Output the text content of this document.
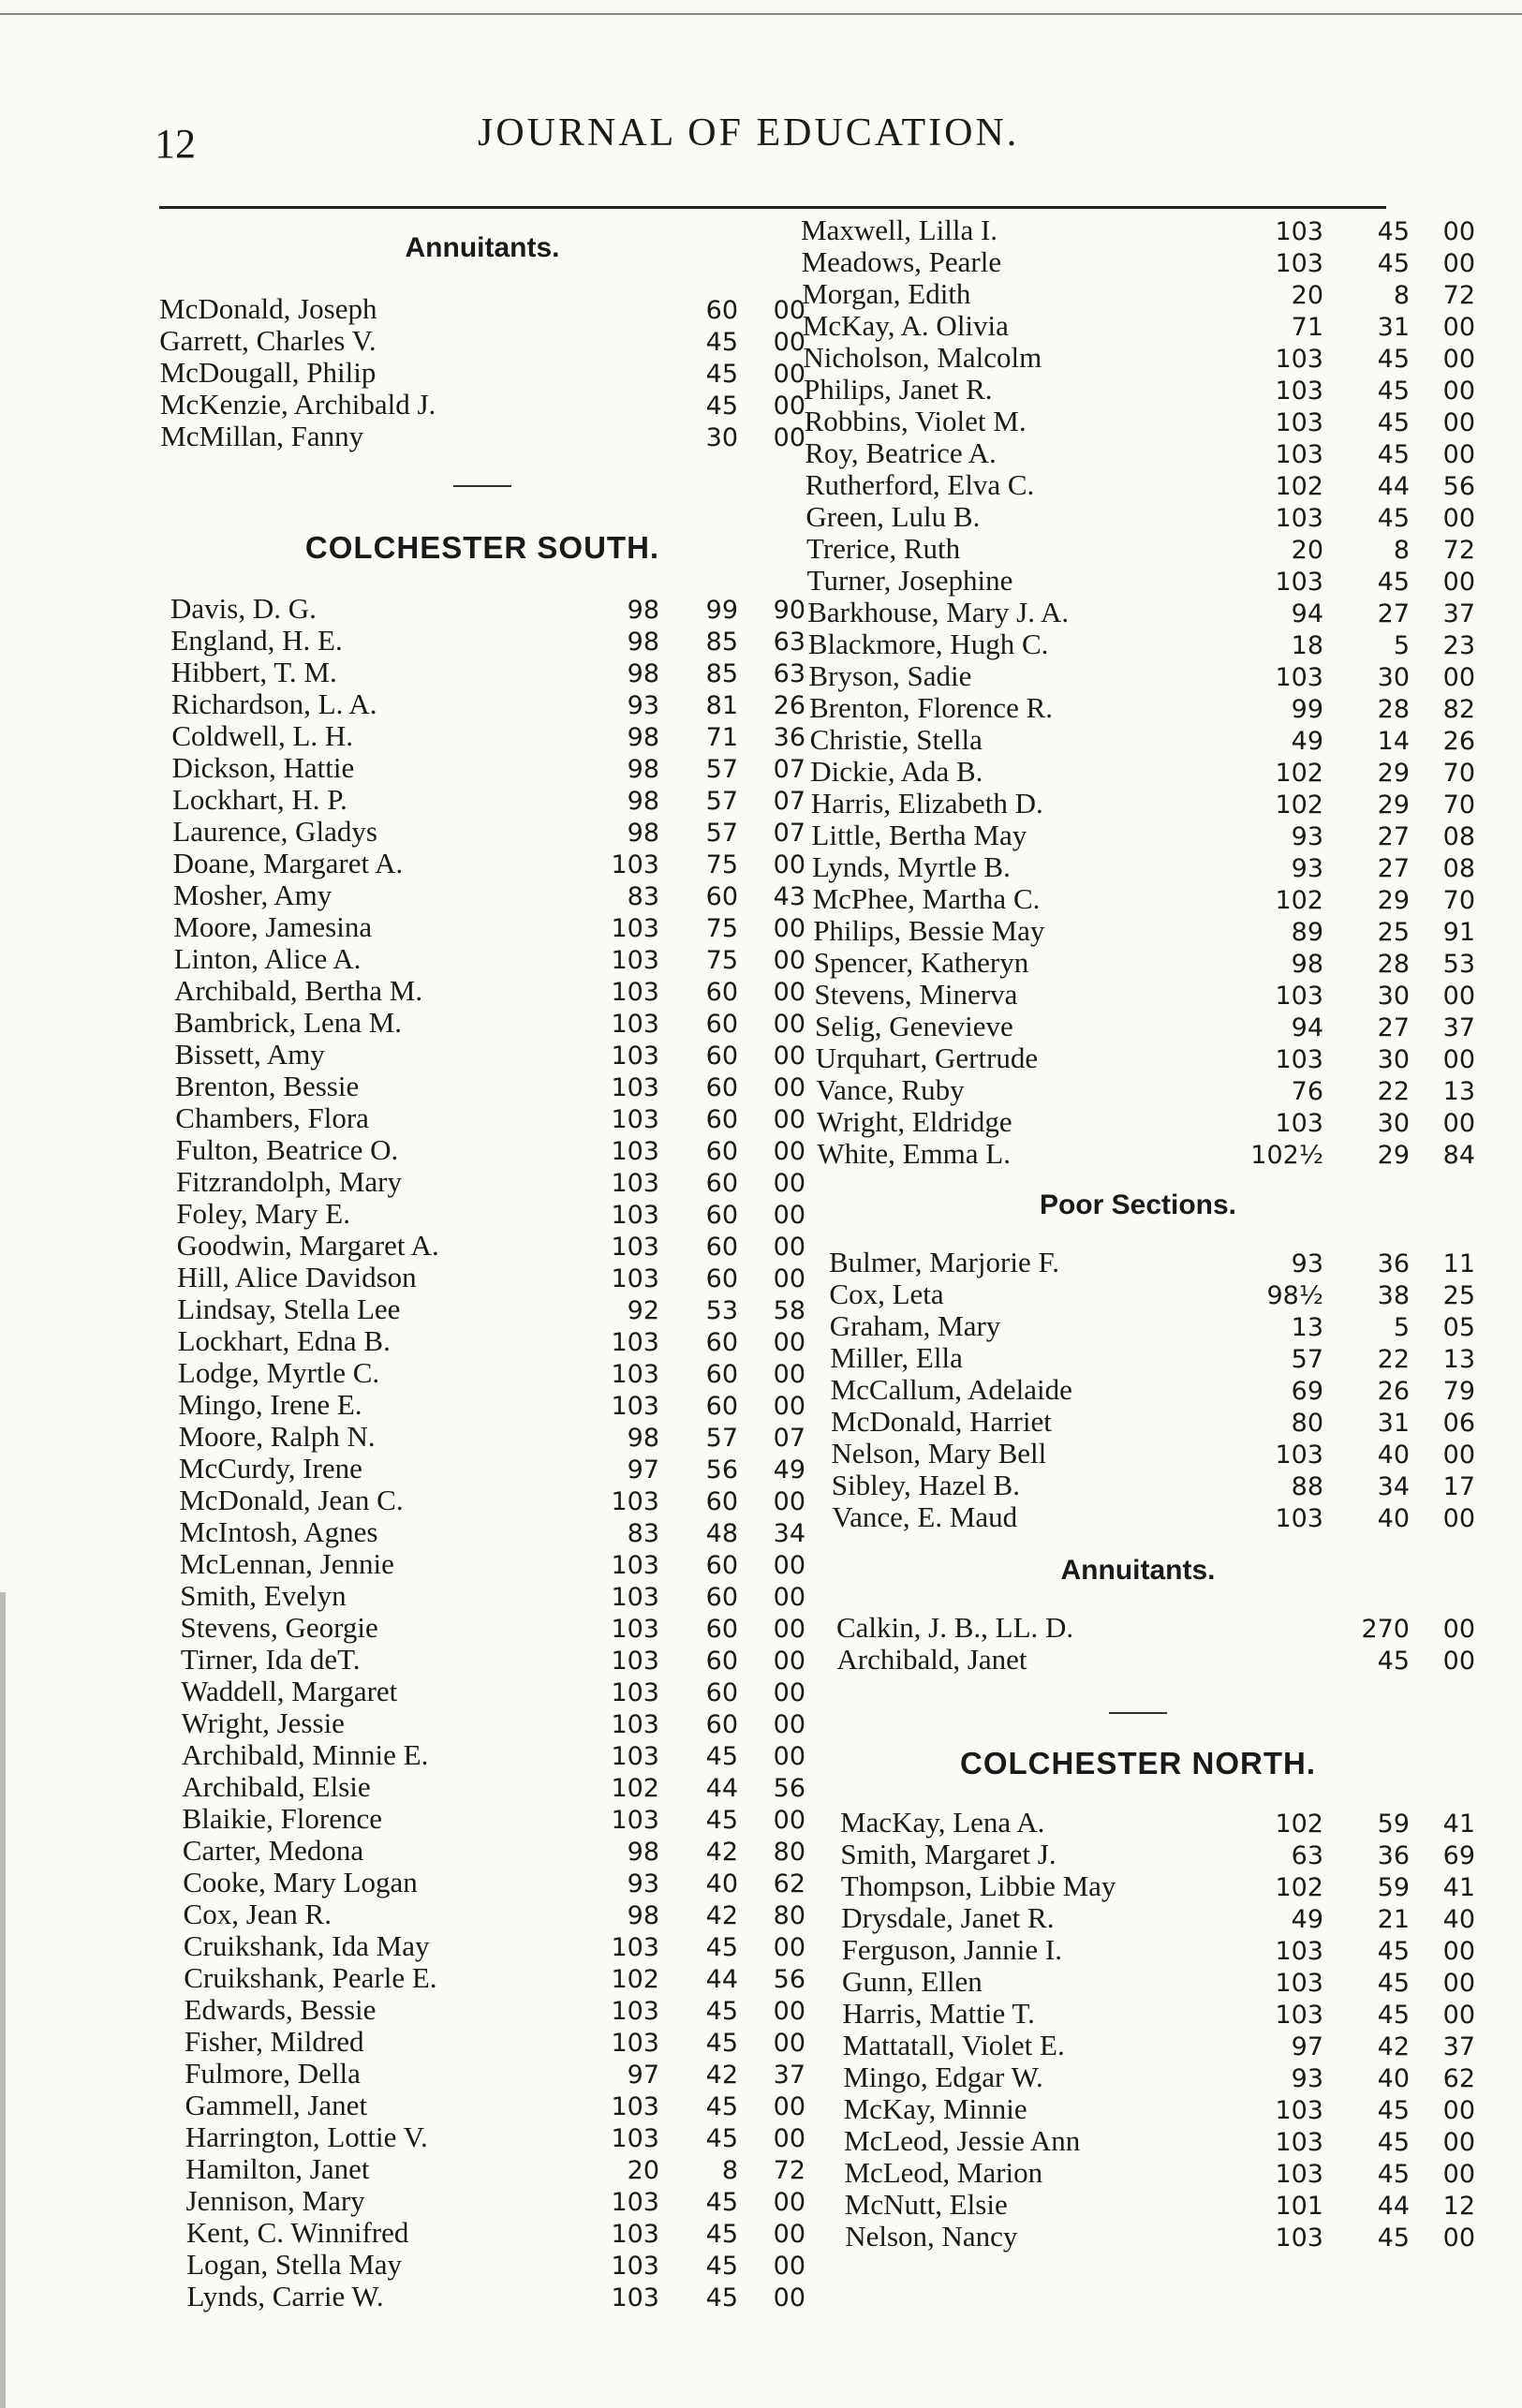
12	JOURNAL OF EDUCATION.
Annuitants.
McDonald, Joseph	60	00
Garrett, Charles V.	45	00
McDougall, Philip	45	00
McKenzie, Archibald J.	45	00
McMillan, Fanny	30	00
COLCHESTER SOUTH.
Davis, D. G.	98	99	90
England, H. E.	98	85	63
Hibbert, T. M.	98	85	63
Richardson, L. A.	93	81	26
Coldwell, L. H.	98	71	36
Dickson, Hattie	98	57	07
Lockhart, H. P.	98	57	07
Laurence, Gladys	98	57	07
Doane, Margaret A.	103	75	00
Mosher, Amy	83	60	43
Moore, Jamesina	103	75	00
Linton, Alice A.	103	75	00
Archibald, Bertha M.	103	60	00
Bambrick, Lena M.	103	60	00
Bissett, Amy	103	60	00
Brenton, Bessie	103	60	00
Chambers, Flora	103	60	00
Fulton, Beatrice O.	103	60	00
Fitzrandolph, Mary	103	60	00
Foley, Mary E.	103	60	00
Goodwin, Margaret A.	103	60	00
Hill, Alice Davidson	103	60	00
Lindsay, Stella Lee	92	53	58
Lockhart, Edna B.	103	60	00
Lodge, Myrtle C.	103	60	00
Mingo, Irene E.	103	60	00
Moore, Ralph N.	98	57	07
McCurdy, Irene	97	56	49
McDonald, Jean C.	103	60	00
McIntosh, Agnes	83	48	34
McLennan, Jennie	103	60	00
Smith, Evelyn	103	60	00
Stevens, Georgie	103	60	00
Tirner, Ida deT.	103	60	00
Waddell, Margaret	103	60	00
Wright, Jessie	103	60	00
Archibald, Minnie E.	103	45	00
Archibald, Elsie	102	44	56
Blaikie, Florence	103	45	00
Carter, Medona	98	42	80
Cooke, Mary Logan	93	40	62
Cox, Jean R.	98	42	80
Cruikshank, Ida May	103	45	00
Cruikshank, Pearle E.	102	44	56
Edwards, Bessie	103	45	00
Fisher, Mildred	103	45	00
Fulmore, Della	97	42	37
Gammell, Janet	103	45	00
Harrington, Lottie V.	103	45	00
Hamilton, Janet	20	8	72
Jennison, Mary	103	45	00
Kent, C. Winnifred	103	45	00
Logan, Stella May	103	45	00
Lynds, Carrie W.	103	45	00
Maxwell, Lilla I.	103	45	00
Meadows, Pearle	103	45	00
Morgan, Edith	20	8	72
McKay, A. Olivia	71	31	00
Nicholson, Malcolm	103	45	00
Philips, Janet R.	103	45	00
Robbins, Violet M.	103	45	00
Roy, Beatrice A.	103	45	00
Rutherford, Elva C.	102	44	56
Green, Lulu B.	103	45	00
Trerice, Ruth	20	8	72
Turner, Josephine	103	45	00
Barkhouse, Mary J. A.	94	27	37
Blackmore, Hugh C.	18	5	23
Bryson, Sadie	103	30	00
Brenton, Florence R.	99	28	82
Christie, Stella	49	14	26
Dickie, Ada B.	102	29	70
Harris, Elizabeth D.	102	29	70
Little, Bertha May	93	27	08
Lynds, Myrtle B.	93	27	08
McPhee, Martha C.	102	29	70
Philips, Bessie May	89	25	91
Spencer, Katheryn	98	28	53
Stevens, Minerva	103	30	00
Selig, Genevieve	94	27	37
Urquhart, Gertrude	103	30	00
Vance, Ruby	76	22	13
Wright, Eldridge	103	30	00
White, Emma L.	102½	29	84
Poor Sections.
Bulmer, Marjorie F.	93	36	11
Cox, Leta	98½	38	25
Graham, Mary	13	5	05
Miller, Ella	57	22	13
McCallum, Adelaide	69	26	79
McDonald, Harriet	80	31	06
Nelson, Mary Bell	103	40	00
Sibley, Hazel B.	88	34	17
Vance, E. Maud	103	40	00
Annuitants.
Calkin, J. B., LL. D.	270	00
Archibald, Janet	45	00
COLCHESTER NORTH.
MacKay, Lena A.	102	59	41
Smith, Margaret J.	63	36	69
Thompson, Libbie May	102	59	41
Drysdale, Janet R.	49	21	40
Ferguson, Jannie I.	103	45	00
Gunn, Ellen	103	45	00
Harris, Mattie T.	103	45	00
Mattatall, Violet E.	97	42	37
Mingo, Edgar W.	93	40	62
McKay, Minnie	103	45	00
McLeod, Jessie Ann	103	45	00
McLeod, Marion	103	45	00
McNutt, Elsie	101	44	12
Nelson, Nancy	103	45	00
